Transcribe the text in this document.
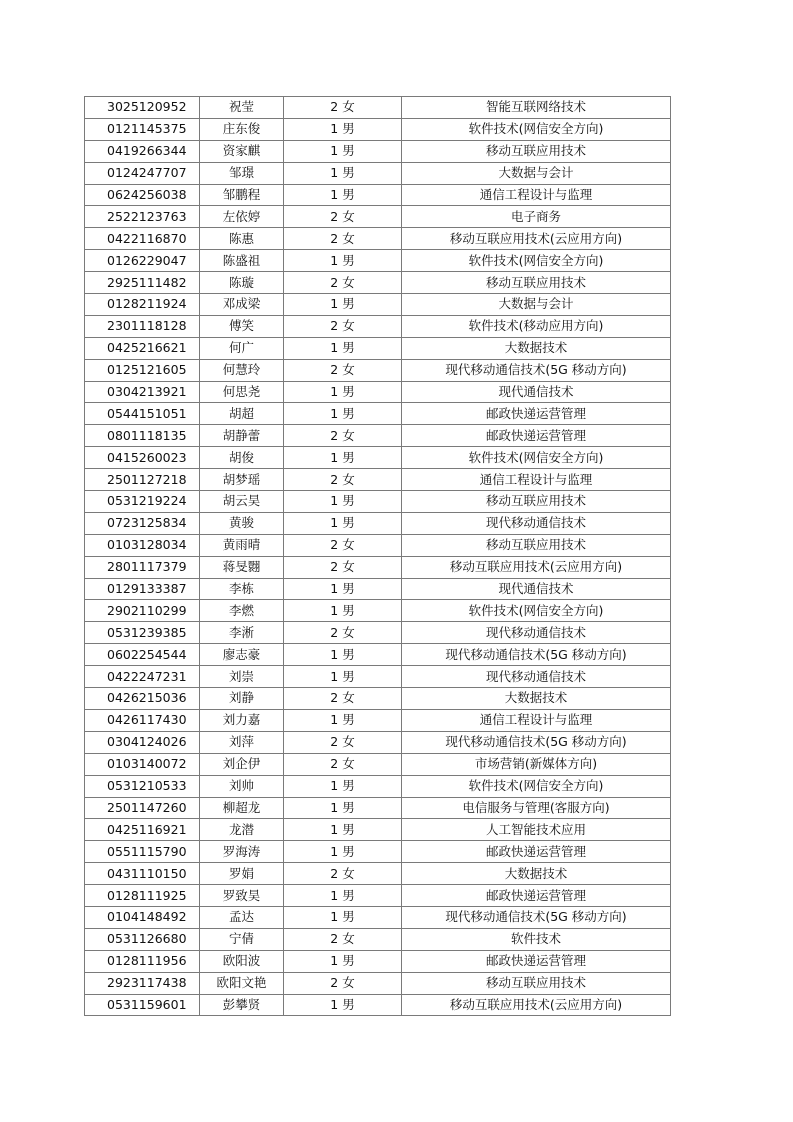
3025120952	祝莹	2 女	智能互联网络技术
0121145375	庄东俊	1 男	软件技术(网信安全方向)
0419266344	资家麒	1 男	移动互联应用技术
0124247707	邹璟	1 男	大数据与会计
0624256038	邹鹏程	1 男	通信工程设计与监理
2522123763	左依婷	2 女	电子商务
0422116870	陈惠	2 女	移动互联应用技术(云应用方向)
0126229047	陈盛祖	1 男	软件技术(网信安全方向)
2925111482	陈璇	2 女	移动互联应用技术
0128211924	邓成梁	1 男	大数据与会计
2301118128	傅笑	2 女	软件技术(移动应用方向)
0425216621	何广	1 男	大数据技术
0125121605	何慧玲	2 女	现代移动通信技术(5G 移动方向)
0304213921	何思尧	1 男	现代通信技术
0544151051	胡超	1 男	邮政快递运营管理
0801118135	胡静蕾	2 女	邮政快递运营管理
0415260023	胡俊	1 男	软件技术(网信安全方向)
2501127218	胡梦瑶	2 女	通信工程设计与监理
0531219224	胡云昊	1 男	移动互联应用技术
0723125834	黄骏	1 男	现代移动通信技术
0103128034	黄雨晴	2 女	移动互联应用技术
2801117379	蒋旻翾	2 女	移动互联应用技术(云应用方向)
0129133387	李栋	1 男	现代通信技术
2902110299	李燃	1 男	软件技术(网信安全方向)
0531239385	李淅	2 女	现代移动通信技术
0602254544	廖志豪	1 男	现代移动通信技术(5G 移动方向)
0422247231	刘崇	1 男	现代移动通信技术
0426215036	刘静	2 女	大数据技术
0426117430	刘力嘉	1 男	通信工程设计与监理
0304124026	刘萍	2 女	现代移动通信技术(5G 移动方向)
0103140072	刘企伊	2 女	市场营销(新媒体方向)
0531210533	刘帅	1 男	软件技术(网信安全方向)
2501147260	柳超龙	1 男	电信服务与管理(客服方向)
0425116921	龙潜	1 男	人工智能技术应用
0551115790	罗海涛	1 男	邮政快递运营管理
0431110150	罗娟	2 女	大数据技术
0128111925	罗致昊	1 男	邮政快递运营管理
0104148492	孟达	1 男	现代移动通信技术(5G 移动方向)
0531126680	宁倩	2 女	软件技术
0128111956	欧阳波	1 男	邮政快递运营管理
2923117438	欧阳文艳	2 女	移动互联应用技术
0531159601	彭攀贤	1 男	移动互联应用技术(云应用方向)
